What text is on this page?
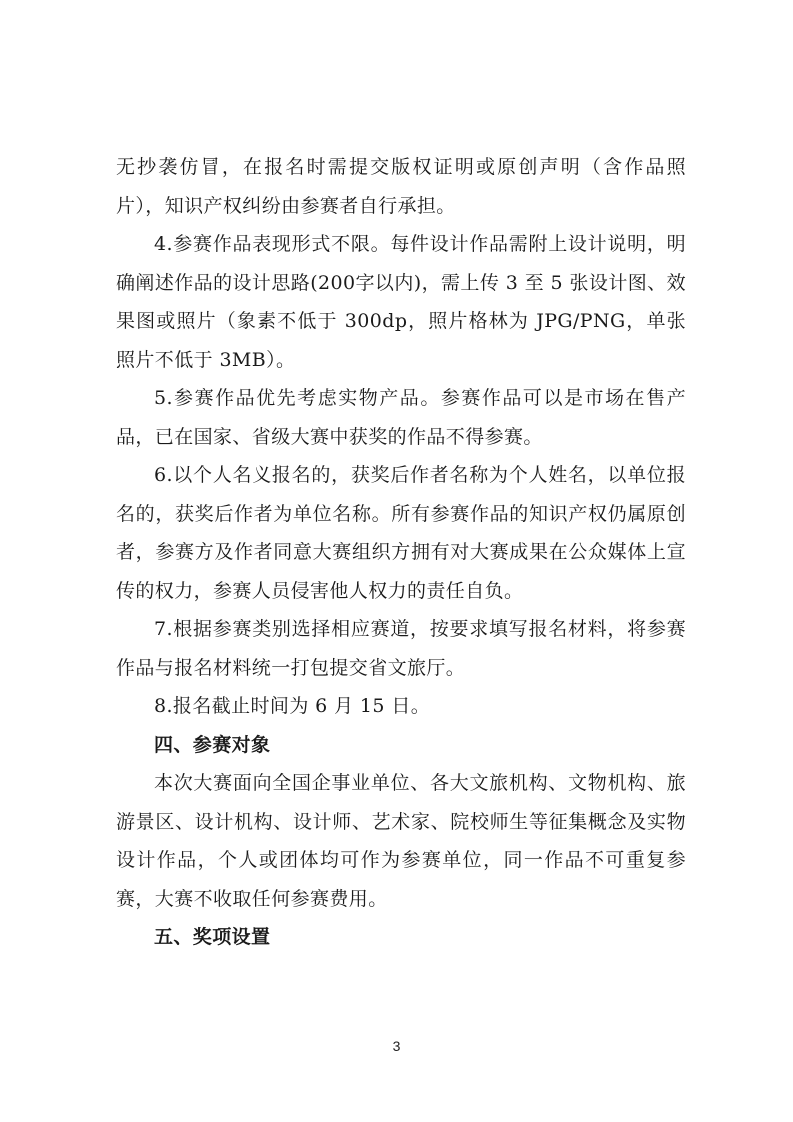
无抄袭仿冒，在报名时需提交版权证明或原创声明（含作品照片），知识产权纠纷由参赛者自行承担。

4.参赛作品表现形式不限。每件设计作品需附上设计说明，明确阐述作品的设计思路(200字以内)，需上传 3 至 5 张设计图、效果图或照片（象素不低于 300dp，照片格林为 JPG/PNG，单张照片不低于 3MB）。

5.参赛作品优先考虑实物产品。参赛作品可以是市场在售产品，已在国家、省级大赛中获奖的作品不得参赛。

6.以个人名义报名的，获奖后作者名称为个人姓名，以单位报名的，获奖后作者为单位名称。所有参赛作品的知识产权仍属原创者，参赛方及作者同意大赛组织方拥有对大赛成果在公众媒体上宣传的权力，参赛人员侵害他人权力的责任自负。

7.根据参赛类别选择相应赛道，按要求填写报名材料，将参赛作品与报名材料统一打包提交省文旅厅。

8.报名截止时间为 6 月 15 日。

四、参赛对象

本次大赛面向全国企事业单位、各大文旅机构、文物机构、旅游景区、设计机构、设计师、艺术家、院校师生等征集概念及实物设计作品，个人或团体均可作为参赛单位，同一作品不可重复参赛，大赛不收取任何参赛费用。

五、奖项设置

3
